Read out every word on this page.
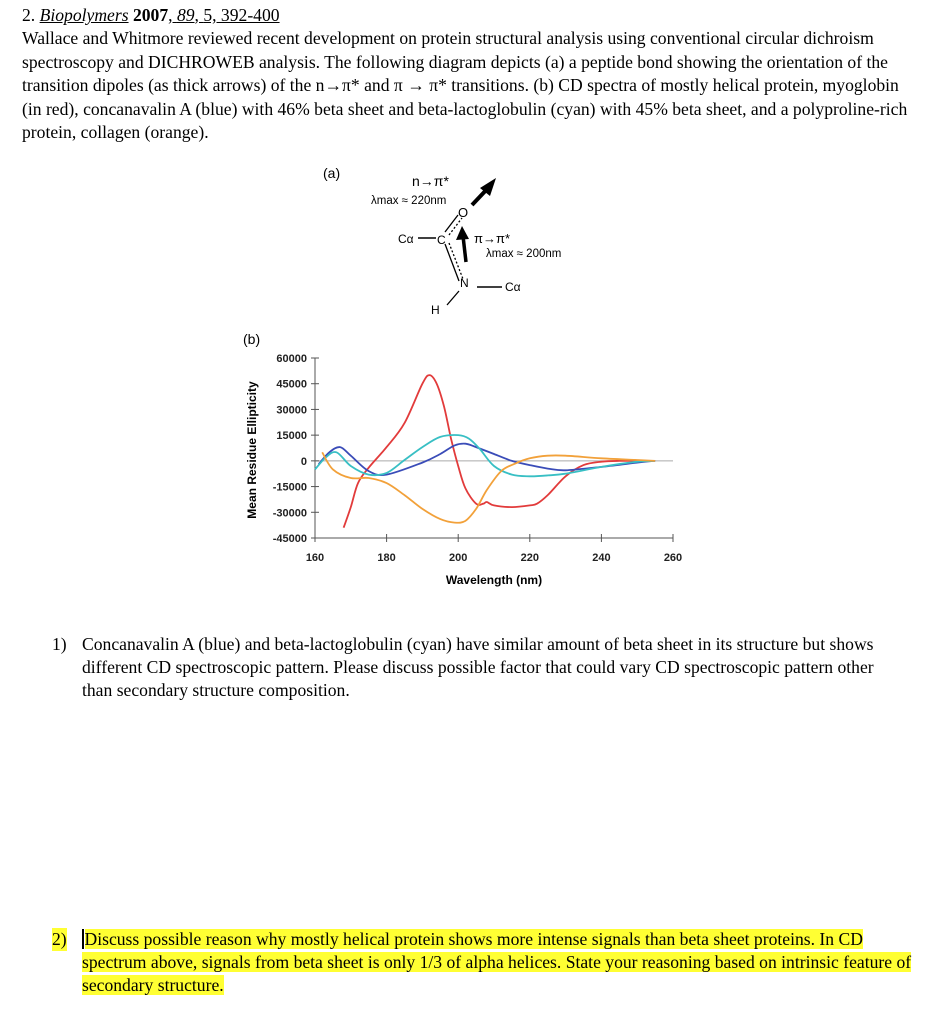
2. Biopolymers 2007, 89, 5, 392-400

Wallace and Whitmore reviewed recent development on protein structural analysis using conventional circular dichroism spectroscopy and DICHROWEB analysis. The following diagram depicts (a) a peptide bond showing the orientation of the transition dipoles (as thick arrows) of the n→π* and π → π* transitions. (b) CD spectra of mostly helical protein, myoglobin (in red), concanavalin A (blue) with 46% beta sheet and beta-lactoglobulin (cyan) with 45% beta sheet, and a polyproline-rich protein, collagen (orange).

(a)	n→π*
λmax ≈ 220nm
Cα C
O
N
H
Cα
π→π*
λmax ≈ 200nm
(b)
Mean Residue Ellipticity
Wavelength (nm)
60000
45000
30000
15000
0
-15000
-30000
-45000
160	180	200	220	240	260
1) Concanavalin A (blue) and beta-lactoglobulin (cyan) have similar amount of beta sheet in its structure but shows different CD spectroscopic pattern. Please discuss possible factor that could vary CD spectroscopic pattern other than secondary structure composition.
2) Discuss possible reason why mostly helical protein shows more intense signals than beta sheet proteins. In CD spectrum above, signals from beta sheet is only 1/3 of alpha helices. State your reasoning based on intrinsic feature of secondary structure.
